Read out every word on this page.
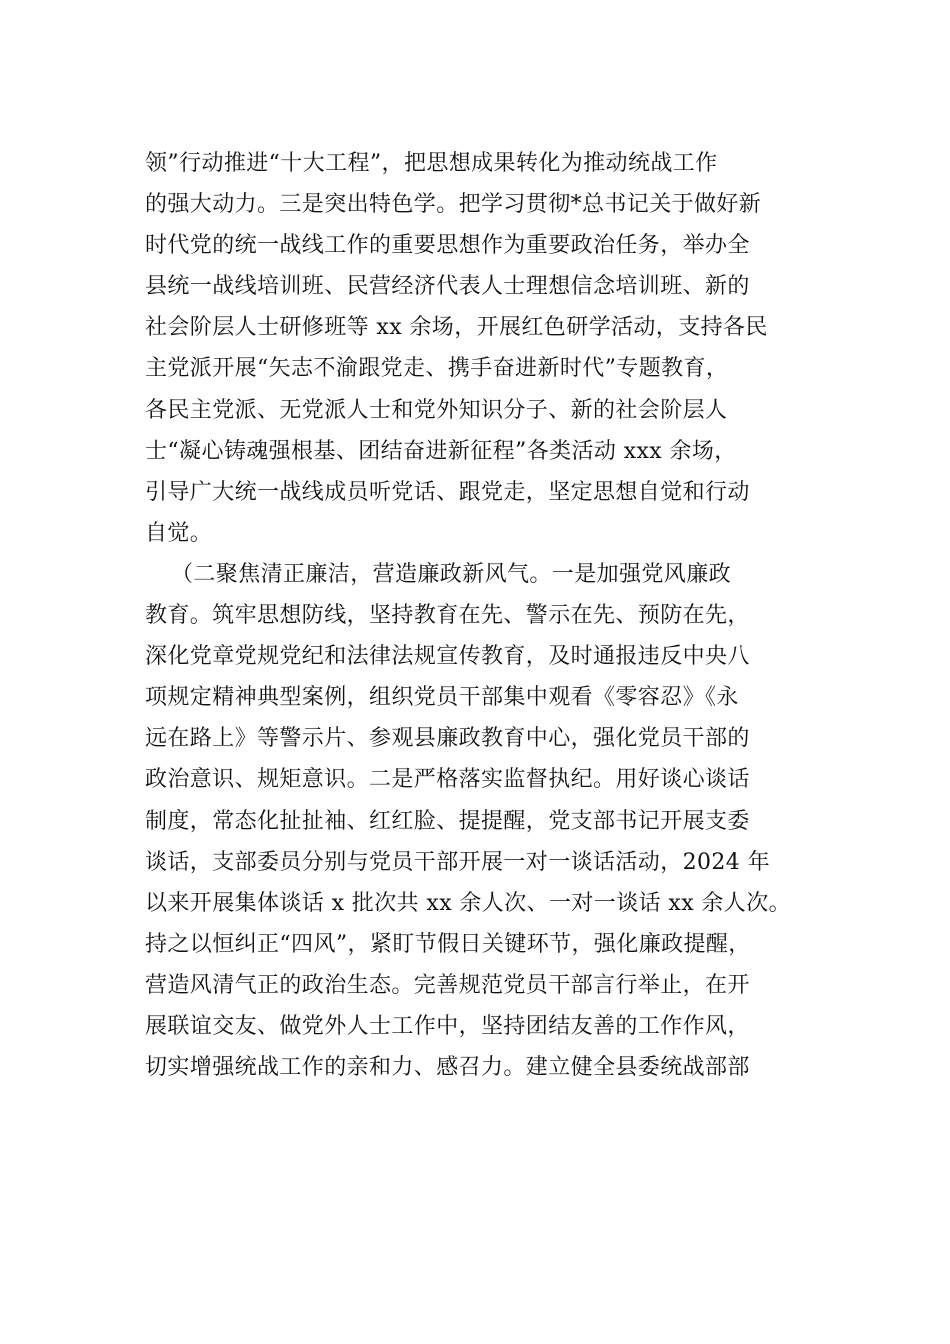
领”行动推进“十大工程”，把思想成果转化为推动统战工作
的强大动力。三是突出特色学。把学习贯彻*总书记关于做好新
时代党的统一战线工作的重要思想作为重要政治任务，举办全
县统一战线培训班、民营经济代表人士理想信念培训班、新的
社会阶层人士研修班等 xx 余场，开展红色研学活动，支持各民
主党派开展“矢志不渝跟党走、携手奋进新时代”专题教育，
各民主党派、无党派人士和党外知识分子、新的社会阶层人
士“凝心铸魂强根基、团结奋进新征程”各类活动 xxx 余场，
引导广大统一战线成员听党话、跟党走，坚定思想自觉和行动
自觉。
（二聚焦清正廉洁，营造廉政新风气。一是加强党风廉政
教育。筑牢思想防线，坚持教育在先、警示在先、预防在先，
深化党章党规党纪和法律法规宣传教育，及时通报违反中央八
项规定精神典型案例，组织党员干部集中观看《零容忍》《永
远在路上》等警示片、参观县廉政教育中心，强化党员干部的
政治意识、规矩意识。二是严格落实监督执纪。用好谈心谈话
制度，常态化扯扯袖、红红脸、提提醒，党支部书记开展支委
谈话，支部委员分别与党员干部开展一对一谈话活动，2024 年
以来开展集体谈话 x 批次共 xx 余人次、一对一谈话 xx 余人次。
持之以恒纠正“四风”，紧盯节假日关键环节，强化廉政提醒，
营造风清气正的政治生态。完善规范党员干部言行举止，在开
展联谊交友、做党外人士工作中，坚持团结友善的工作作风，
切实增强统战工作的亲和力、感召力。建立健全县委统战部部
